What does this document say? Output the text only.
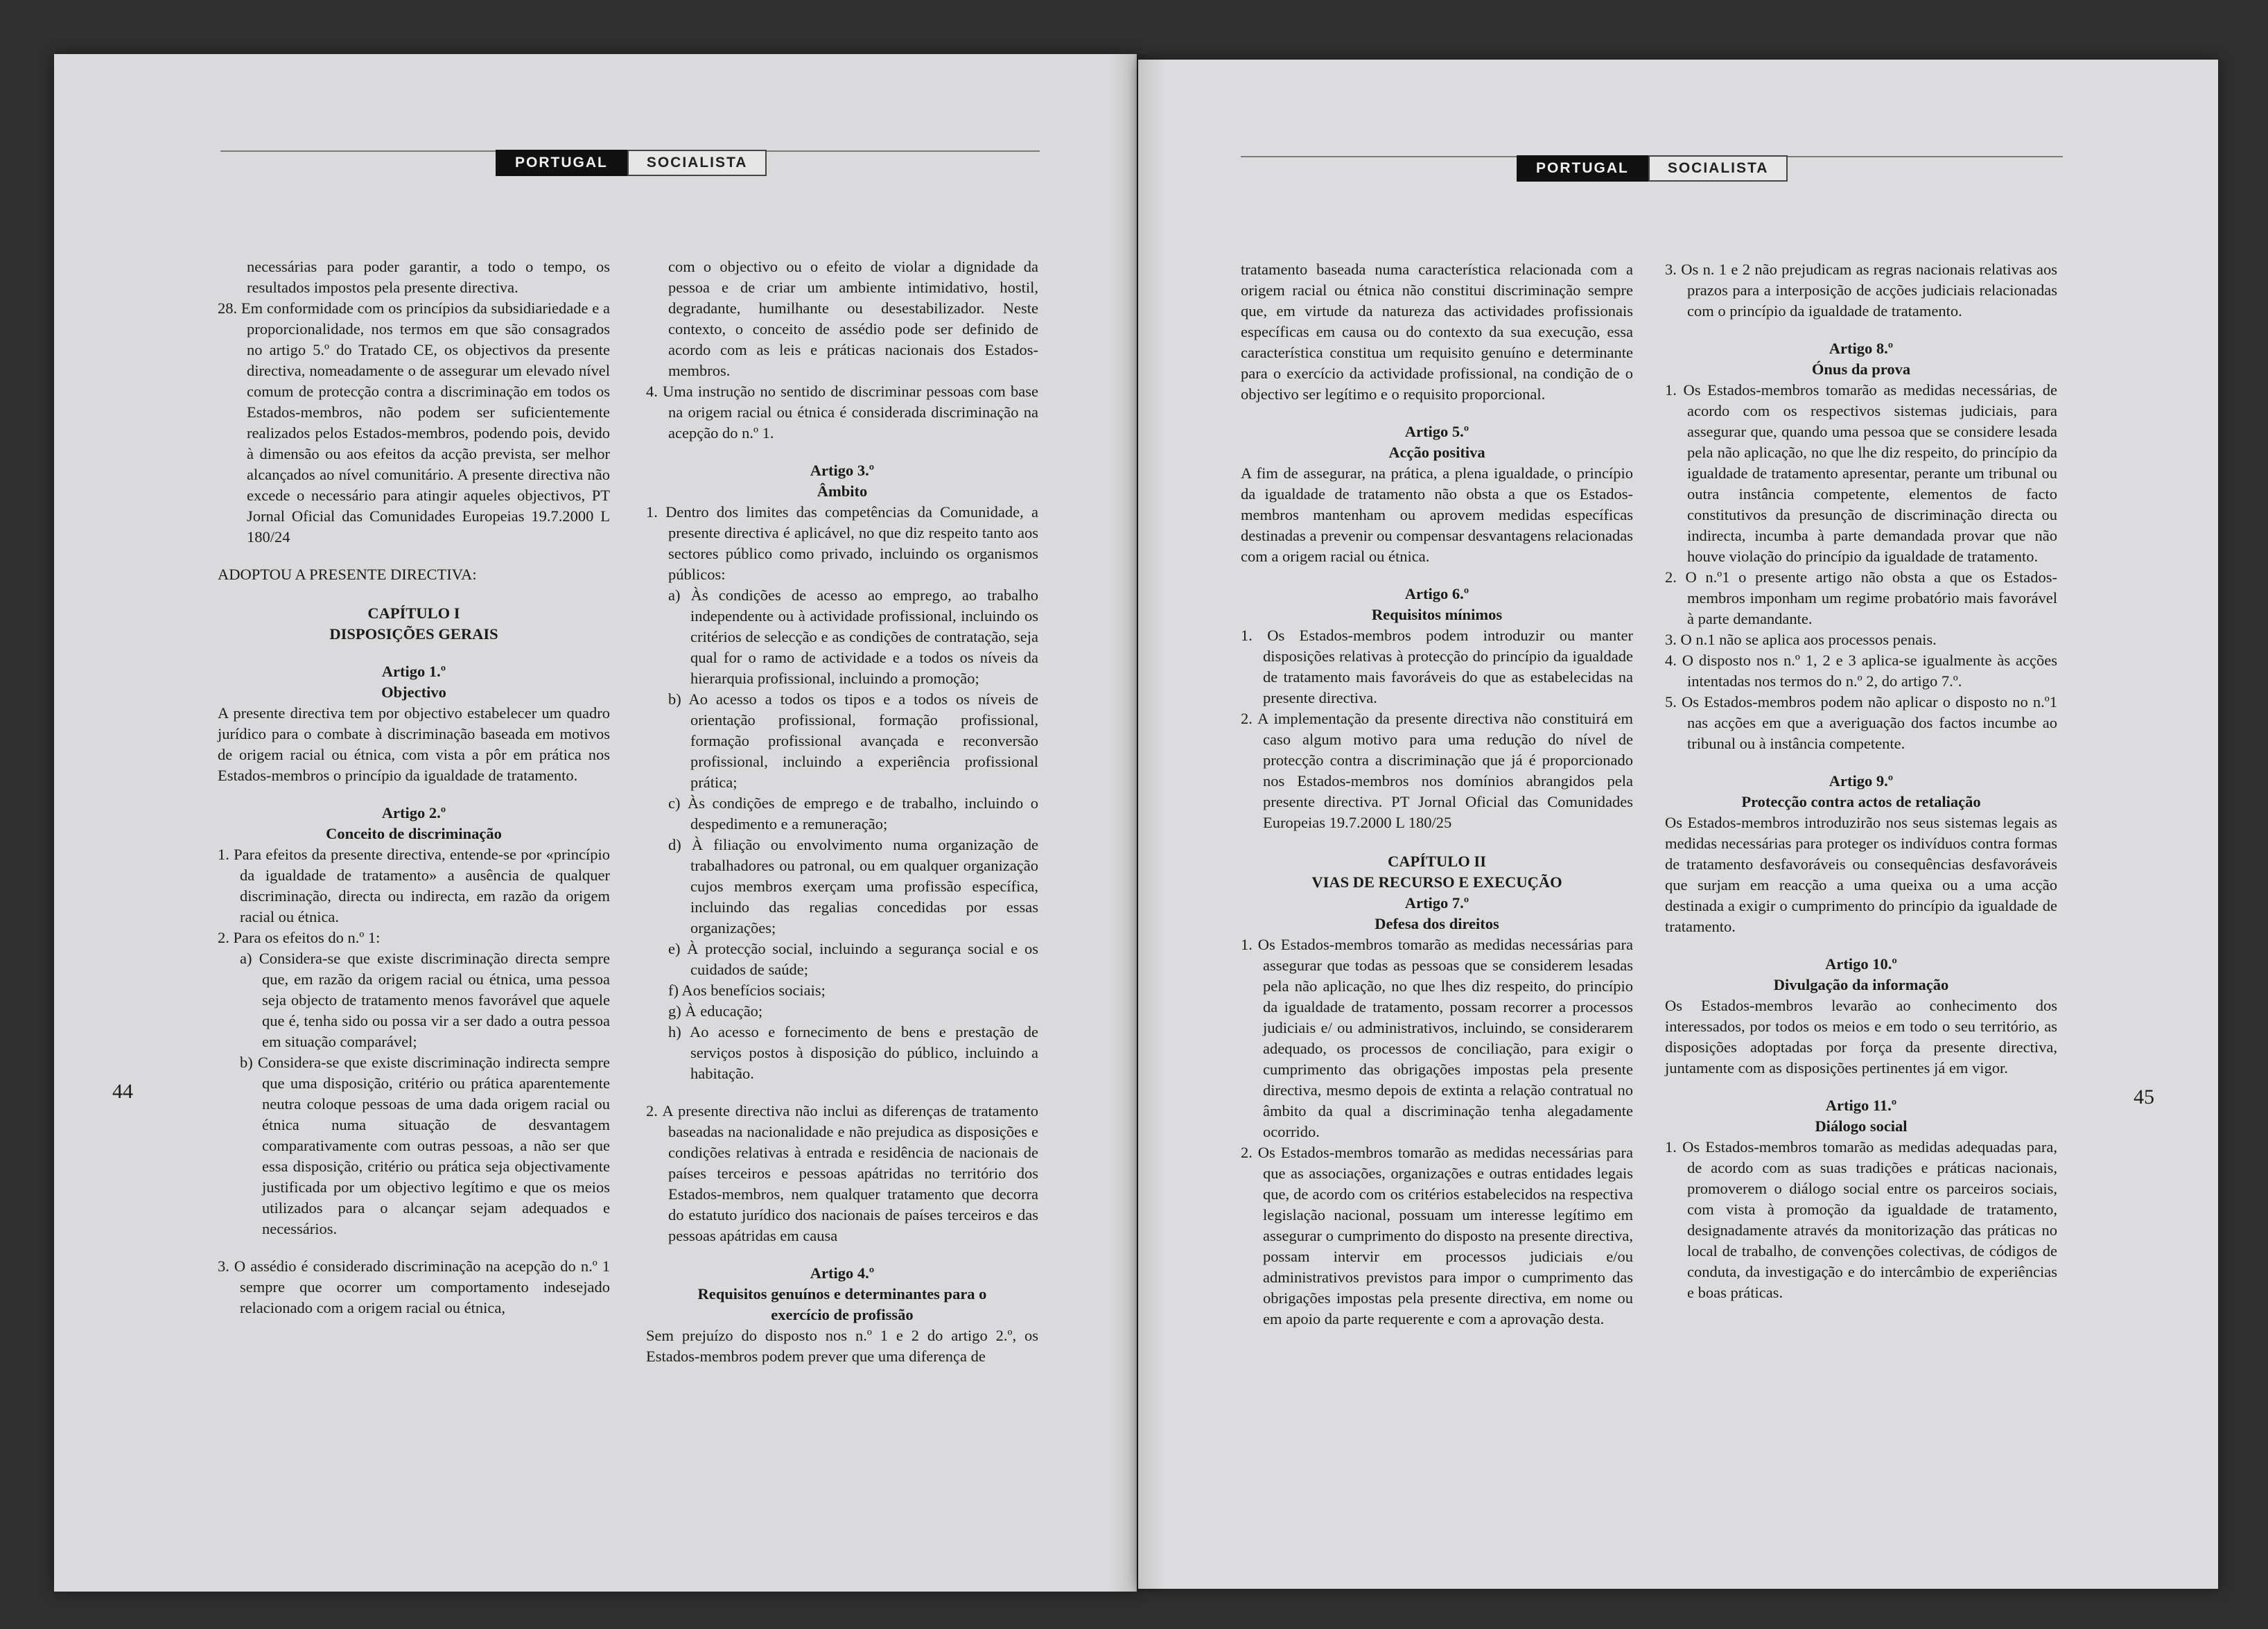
PORTUGAL	SOCIALISTA	PORTUGAL	SOCIALISTA
44	45

necessárias para poder garantir, a todo o tempo, os resultados impostos pela presente directiva.

28. Em conformidade com os princípios da subsidiariedade e a proporcionalidade, nos termos em que são consagrados no artigo 5.º do Tratado CE, os objectivos da presente directiva, nomeadamente o de assegurar um elevado nível comum de protecção contra a discriminação em todos os Estados-membros, não podem ser suficientemente realizados pelos Estados-membros, podendo pois, devido à dimensão ou aos efeitos da acção prevista, ser melhor alcançados ao nível comunitário. A presente directiva não excede o necessário para atingir aqueles objectivos, PT Jornal Oficial das Comunidades Europeias 19.7.2000 L 180/24

ADOPTOU A PRESENTE DIRECTIVA:

CAPÍTULO I
DISPOSIÇÕES GERAIS
Artigo 1.º
Objectivo

A presente directiva tem por objectivo estabelecer um quadro jurídico para o combate à discriminação baseada em motivos de origem racial ou étnica, com vista a pôr em prática nos Estados-membros o princípio da igualdade de tratamento.

Artigo 2.º
Conceito de discriminação

1. Para efeitos da presente directiva, entende-se por «princípio da igualdade de tratamento» a ausência de qualquer discriminação, directa ou indirecta, em razão da origem racial ou étnica.

2. Para os efeitos do n.º 1:

a) Considera-se que existe discriminação directa sempre que, em razão da origem racial ou étnica, uma pessoa seja objecto de tratamento menos favorável que aquele que é, tenha sido ou possa vir a ser dado a outra pessoa em situação comparável;

b) Considera-se que existe discriminação indirecta sempre que uma disposição, critério ou prática aparentemente neutra coloque pessoas de uma dada origem racial ou étnica numa situação de desvantagem comparativamente com outras pessoas, a não ser que essa disposição, critério ou prática seja objectivamente justificada por um objectivo legítimo e que os meios utilizados para o alcançar sejam adequados e necessários.

3. O assédio é considerado discriminação na acepção do n.º 1 sempre que ocorrer um comportamento indesejado relacionado com a origem racial ou étnica,

com o objectivo ou o efeito de violar a dignidade da pessoa e de criar um ambiente intimidativo, hostil, degradante, humilhante ou desestabilizador. Neste contexto, o conceito de assédio pode ser definido de acordo com as leis e práticas nacionais dos Estados-membros.

4. Uma instrução no sentido de discriminar pessoas com base na origem racial ou étnica é considerada discriminação na acepção do n.º 1.

Artigo 3.º
Âmbito

1. Dentro dos limites das competências da Comunidade, a presente directiva é aplicável, no que diz respeito tanto aos sectores público como privado, incluindo os organismos públicos:

a) Às condições de acesso ao emprego, ao trabalho independente ou à actividade profissional, incluindo os critérios de selecção e as condições de contratação, seja qual for o ramo de actividade e a todos os níveis da hierarquia profissional, incluindo a promoção;

b) Ao acesso a todos os tipos e a todos os níveis de orientação profissional, formação profissional, formação profissional avançada e reconversão profissional, incluindo a experiência profissional prática;

c) Às condições de emprego e de trabalho, incluindo o despedimento e a remuneração;

d) À filiação ou envolvimento numa organização de trabalhadores ou patronal, ou em qualquer organização cujos membros exerçam uma profissão específica, incluindo das regalias concedidas por essas organizações;

e) À protecção social, incluindo a segurança social e os cuidados de saúde;

f) Aos benefícios sociais;

g) À educação;

h) Ao acesso e fornecimento de bens e prestação de serviços postos à disposição do público, incluindo a habitação.

2. A presente directiva não inclui as diferenças de tratamento baseadas na nacionalidade e não prejudica as disposições e condições relativas à entrada e residência de nacionais de países terceiros e pessoas apátridas no território dos Estados-membros, nem qualquer tratamento que decorra do estatuto jurídico dos nacionais de países terceiros e das pessoas apátridas em causa

Artigo 4.º
Requisitos genuínos e determinantes para o exercício de profissão

Sem prejuízo do disposto nos n.º 1 e 2 do artigo 2.º, os Estados-membros podem prever que uma diferença de

tratamento baseada numa característica relacionada com a origem racial ou étnica não constitui discriminação sempre que, em virtude da natureza das actividades profissionais específicas em causa ou do contexto da sua execução, essa característica constitua um requisito genuíno e determinante para o exercício da actividade profissional, na condição de o objectivo ser legítimo e o requisito proporcional.

Artigo 5.º
Acção positiva

A fim de assegurar, na prática, a plena igualdade, o princípio da igualdade de tratamento não obsta a que os Estados-membros mantenham ou aprovem medidas específicas destinadas a prevenir ou compensar desvantagens relacionadas com a origem racial ou étnica.

Artigo 6.º
Requisitos mínimos

1. Os Estados-membros podem introduzir ou manter disposições relativas à protecção do princípio da igualdade de tratamento mais favoráveis do que as estabelecidas na presente directiva.

2. A implementação da presente directiva não constituirá em caso algum motivo para uma redução do nível de protecção contra a discriminação que já é proporcionado nos Estados-membros nos domínios abrangidos pela presente directiva. PT Jornal Oficial das Comunidades Europeias 19.7.2000 L 180/25

CAPÍTULO II
VIAS DE RECURSO E EXECUÇÃO
Artigo 7.º
Defesa dos direitos

1. Os Estados-membros tomarão as medidas necessárias para assegurar que todas as pessoas que se considerem lesadas pela não aplicação, no que lhes diz respeito, do princípio da igualdade de tratamento, possam recorrer a processos judiciais e/ ou administrativos, incluindo, se considerarem adequado, os processos de conciliação, para exigir o cumprimento das obrigações impostas pela presente directiva, mesmo depois de extinta a relação contratual no âmbito da qual a discriminação tenha alegadamente ocorrido.

2. Os Estados-membros tomarão as medidas necessárias para que as associações, organizações e outras entidades legais que, de acordo com os critérios estabelecidos na respectiva legislação nacional, possuam um interesse legítimo em assegurar o cumprimento do disposto na presente directiva, possam intervir em processos judiciais e/ou administrativos previstos para impor o cumprimento das obrigações impostas pela presente directiva, em nome ou em apoio da parte requerente e com a aprovação desta.

3. Os n. 1 e 2 não prejudicam as regras nacionais relativas aos prazos para a interposição de acções judiciais relacionadas com o princípio da igualdade de tratamento.

Artigo 8.º
Ónus da prova

1. Os Estados-membros tomarão as medidas necessárias, de acordo com os respectivos sistemas judiciais, para assegurar que, quando uma pessoa que se considere lesada pela não aplicação, no que lhe diz respeito, do princípio da igualdade de tratamento apresentar, perante um tribunal ou outra instância competente, elementos de facto constitutivos da presunção de discriminação directa ou indirecta, incumba à parte demandada provar que não houve violação do princípio da igualdade de tratamento.

2. O n.º1 o presente artigo não obsta a que os Estados-membros imponham um regime probatório mais favorável à parte demandante.

3. O n.1 não se aplica aos processos penais.

4. O disposto nos n.º 1, 2 e 3 aplica-se igualmente às acções intentadas nos termos do n.º 2, do artigo 7.º.

5. Os Estados-membros podem não aplicar o disposto no n.º1 nas acções em que a averiguação dos factos incumbe ao tribunal ou à instância competente.

Artigo 9.º
Protecção contra actos de retaliação

Os Estados-membros introduzirão nos seus sistemas legais as medidas necessárias para proteger os indivíduos contra formas de tratamento desfavoráveis ou consequências desfavoráveis que surjam em reacção a uma queixa ou a uma acção destinada a exigir o cumprimento do princípio da igualdade de tratamento.

Artigo 10.º
Divulgação da informação

Os Estados-membros levarão ao conhecimento dos interessados, por todos os meios e em todo o seu território, as disposições adoptadas por força da presente directiva, juntamente com as disposições pertinentes já em vigor.

Artigo 11.º
Diálogo social

1. Os Estados-membros tomarão as medidas adequadas para, de acordo com as suas tradições e práticas nacionais, promoverem o diálogo social entre os parceiros sociais, com vista à promoção da igualdade de tratamento, designadamente através da monitorização das práticas no local de trabalho, de convenções colectivas, de códigos de conduta, da investigação e do intercâmbio de experiências e boas práticas.
